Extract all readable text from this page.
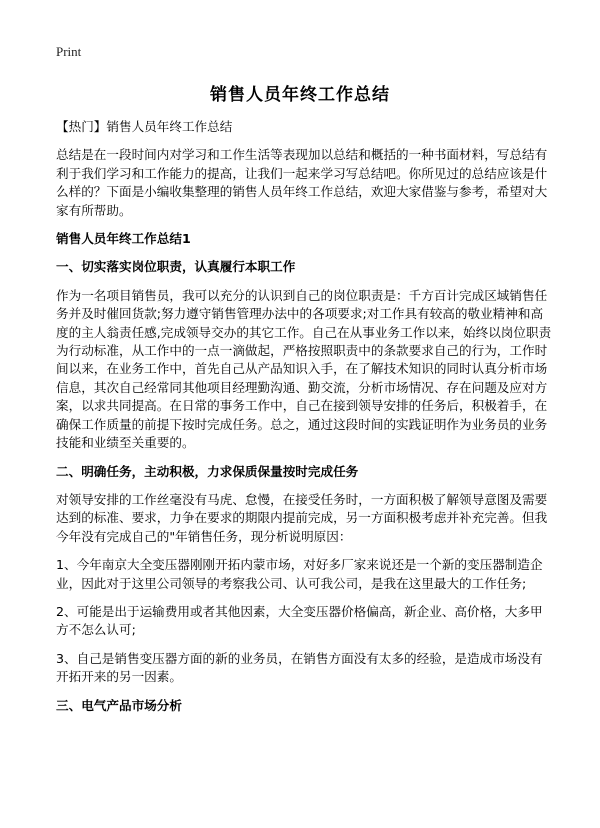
Print
销售人员年终工作总结

【热门】销售人员年终工作总结

总结是在一段时间内对学习和工作生活等表现加以总结和概括的一种书面材料，写总结有利于我们学习和工作能力的提高，让我们一起来学习写总结吧。你所见过的总结应该是什么样的？下面是小编收集整理的销售人员年终工作总结，欢迎大家借鉴与参考，希望对大家有所帮助。

销售人员年终工作总结1

一、切实落实岗位职责，认真履行本职工作

作为一名项目销售员，我可以充分的认识到自己的岗位职责是：千方百计完成区域销售任务并及时催回货款;努力遵守销售管理办法中的各项要求;对工作具有较高的敬业精神和高度的主人翁责任感,完成领导交办的其它工作。自己在从事业务工作以来，始终以岗位职责为行动标准，从工作中的一点一滴做起，严格按照职责中的条款要求自己的行为，工作时间以来，在业务工作中，首先自己从产品知识入手，在了解技术知识的同时认真分析市场信息，其次自己经常同其他项目经理勤沟通、勤交流，分析市场情况、存在问题及应对方案，以求共同提高。在日常的事务工作中，自己在接到领导安排的任务后，积极着手，在确保工作质量的前提下按时完成任务。总之，通过这段时间的实践证明作为业务员的业务技能和业绩至关重要的。

二、明确任务，主动积极，力求保质保量按时完成任务

对领导安排的工作丝毫没有马虎、怠慢，在接受任务时，一方面积极了解领导意图及需要达到的标准、要求，力争在要求的期限内提前完成，另一方面积极考虑并补充完善。但我今年没有完成自己的"年销售任务，现分析说明原因：

1、今年南京大全变压器刚刚开拓内蒙市场，对好多厂家来说还是一个新的变压器制造企业，因此对于这里公司领导的考察我公司、认可我公司，是我在这里最大的工作任务;

2、可能是出于运输费用或者其他因素，大全变压器价格偏高，新企业、高价格，大多甲方不怎么认可;

3、自己是销售变压器方面的新的业务员，在销售方面没有太多的经验，是造成市场没有开拓开来的另一因素。

三、电气产品市场分析
